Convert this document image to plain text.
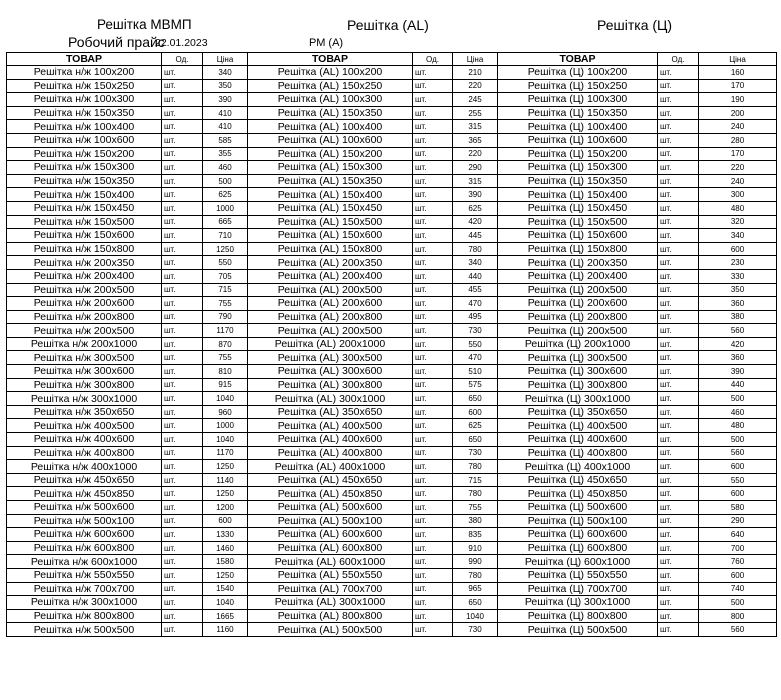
Решітка МВМП	Решітка (AL)	Решітка (Ц)
Робочий прайс
22.01.2023	РМ (А)
ТОВАР	Од.	Ціна	ТОВАР	Од.	Ціна	ТОВАР	Од.	Ціна
Решітка н/ж 100х200	шт.	340	Решітка (AL) 100х200	шт.	210	Решітка (Ц) 100х200	шт.	160
Решітка н/ж 150х250	шт.	350	Решітка (AL) 150х250	шт.	220	Решітка (Ц) 150х250	шт.	170
Решітка н/ж 100х300	шт.	390	Решітка (AL) 100х300	шт.	245	Решітка (Ц) 100х300	шт.	190
Решітка н/ж 150х350	шт.	410	Решітка (AL) 150х350	шт.	255	Решітка (Ц) 150х350	шт.	200
Решітка н/ж 100х400	шт.	410	Решітка (AL) 100х400	шт.	315	Решітка (Ц) 100х400	шт.	240
Решітка н/ж 100х600	шт.	585	Решітка (AL) 100х600	шт.	365	Решітка (Ц) 100х600	шт.	280
Решітка н/ж 150х200	шт.	355	Решітка (AL) 150х200	шт.	220	Решітка (Ц) 150х200	шт.	170
Решітка н/ж 150х300	шт.	460	Решітка (AL) 150х300	шт.	290	Решітка (Ц) 150х300	шт.	220
Решітка н/ж 150х350	шт.	500	Решітка (AL) 150х350	шт.	315	Решітка (Ц) 150х350	шт.	240
Решітка н/ж 150х400	шт.	625	Решітка (AL) 150х400	шт.	390	Решітка (Ц) 150х400	шт.	300
Решітка н/ж 150х450	шт.	1000	Решітка (AL) 150х450	шт.	625	Решітка (Ц) 150х450	шт.	480
Решітка н/ж 150х500	шт.	665	Решітка (AL) 150х500	шт.	420	Решітка (Ц) 150х500	шт.	320
Решітка н/ж 150х600	шт.	710	Решітка (AL) 150х600	шт.	445	Решітка (Ц) 150х600	шт.	340
Решітка н/ж 150х800	шт.	1250	Решітка (AL) 150х800	шт.	780	Решітка (Ц) 150х800	шт.	600
Решітка н/ж 200х350	шт.	550	Решітка (AL) 200х350	шт.	340	Решітка (Ц) 200х350	шт.	230
Решітка н/ж 200х400	шт.	705	Решітка (AL) 200х400	шт.	440	Решітка (Ц) 200х400	шт.	330
Решітка н/ж 200х500	шт.	715	Решітка (AL) 200х500	шт.	455	Решітка (Ц) 200х500	шт.	350
Решітка н/ж 200х600	шт.	755	Решітка (AL) 200х600	шт.	470	Решітка (Ц) 200х600	шт.	360
Решітка н/ж 200х800	шт.	790	Решітка (AL) 200х800	шт.	495	Решітка (Ц) 200х800	шт.	380
Решітка н/ж 200х500	шт.	1170	Решітка (AL) 200х500	шт.	730	Решітка (Ц) 200х500	шт.	560
Решітка н/ж 200х1000	шт.	870	Решітка (AL) 200х1000	шт.	550	Решітка (Ц) 200х1000	шт.	420
Решітка н/ж 300х500	шт.	755	Решітка (AL) 300х500	шт.	470	Решітка (Ц) 300х500	шт.	360
Решітка н/ж 300х600	шт.	810	Решітка (AL) 300х600	шт.	510	Решітка (Ц) 300х600	шт.	390
Решітка н/ж 300х800	шт.	915	Решітка (AL) 300х800	шт.	575	Решітка (Ц) 300х800	шт.	440
Решітка н/ж 300х1000	шт.	1040	Решітка (AL) 300х1000	шт.	650	Решітка (Ц) 300х1000	шт.	500
Решітка н/ж 350х650	шт.	960	Решітка (AL) 350х650	шт.	600	Решітка (Ц) 350х650	шт.	460
Решітка н/ж 400х500	шт.	1000	Решітка (AL) 400х500	шт.	625	Решітка (Ц) 400х500	шт.	480
Решітка н/ж 400х600	шт.	1040	Решітка (AL) 400х600	шт.	650	Решітка (Ц) 400х600	шт.	500
Решітка н/ж 400х800	шт.	1170	Решітка (AL) 400х800	шт.	730	Решітка (Ц) 400х800	шт.	560
Решітка н/ж 400х1000	шт.	1250	Решітка (AL) 400х1000	шт.	780	Решітка (Ц) 400х1000	шт.	600
Решітка н/ж 450х650	шт.	1140	Решітка (AL) 450х650	шт.	715	Решітка (Ц) 450х650	шт.	550
Решітка н/ж 450х850	шт.	1250	Решітка (AL) 450х850	шт.	780	Решітка (Ц) 450х850	шт.	600
Решітка н/ж 500х600	шт.	1200	Решітка (AL) 500х600	шт.	755	Решітка (Ц) 500х600	шт.	580
Решітка н/ж 500х100	шт.	600	Решітка (AL) 500х100	шт.	380	Решітка (Ц) 500х100	шт.	290
Решітка н/ж 600х600	шт.	1330	Решітка (AL) 600х600	шт.	835	Решітка (Ц) 600х600	шт.	640
Решітка н/ж 600х800	шт.	1460	Решітка (AL) 600х800	шт.	910	Решітка (Ц) 600х800	шт.	700
Решітка н/ж 600х1000	шт.	1580	Решітка (AL) 600х1000	шт.	990	Решітка (Ц) 600х1000	шт.	760
Решітка н/ж 550х550	шт.	1250	Решітка (AL) 550х550	шт.	780	Решітка (Ц) 550х550	шт.	600
Решітка н/ж 700х700	шт.	1540	Решітка (AL) 700х700	шт.	965	Решітка (Ц) 700х700	шт.	740
Решітка н/ж 300х1000	шт.	1040	Решітка (AL) 300х1000	шт.	650	Решітка (Ц) 300х1000	шт.	500
Решітка н/ж 800х800	шт.	1665	Решітка (AL) 800х800	шт.	1040	Решітка (Ц) 800х800	шт.	800
Решітка н/ж 500х500	шт.	1160	Решітка (AL) 500х500	шт.	730	Решітка (Ц) 500х500	шт.	560
